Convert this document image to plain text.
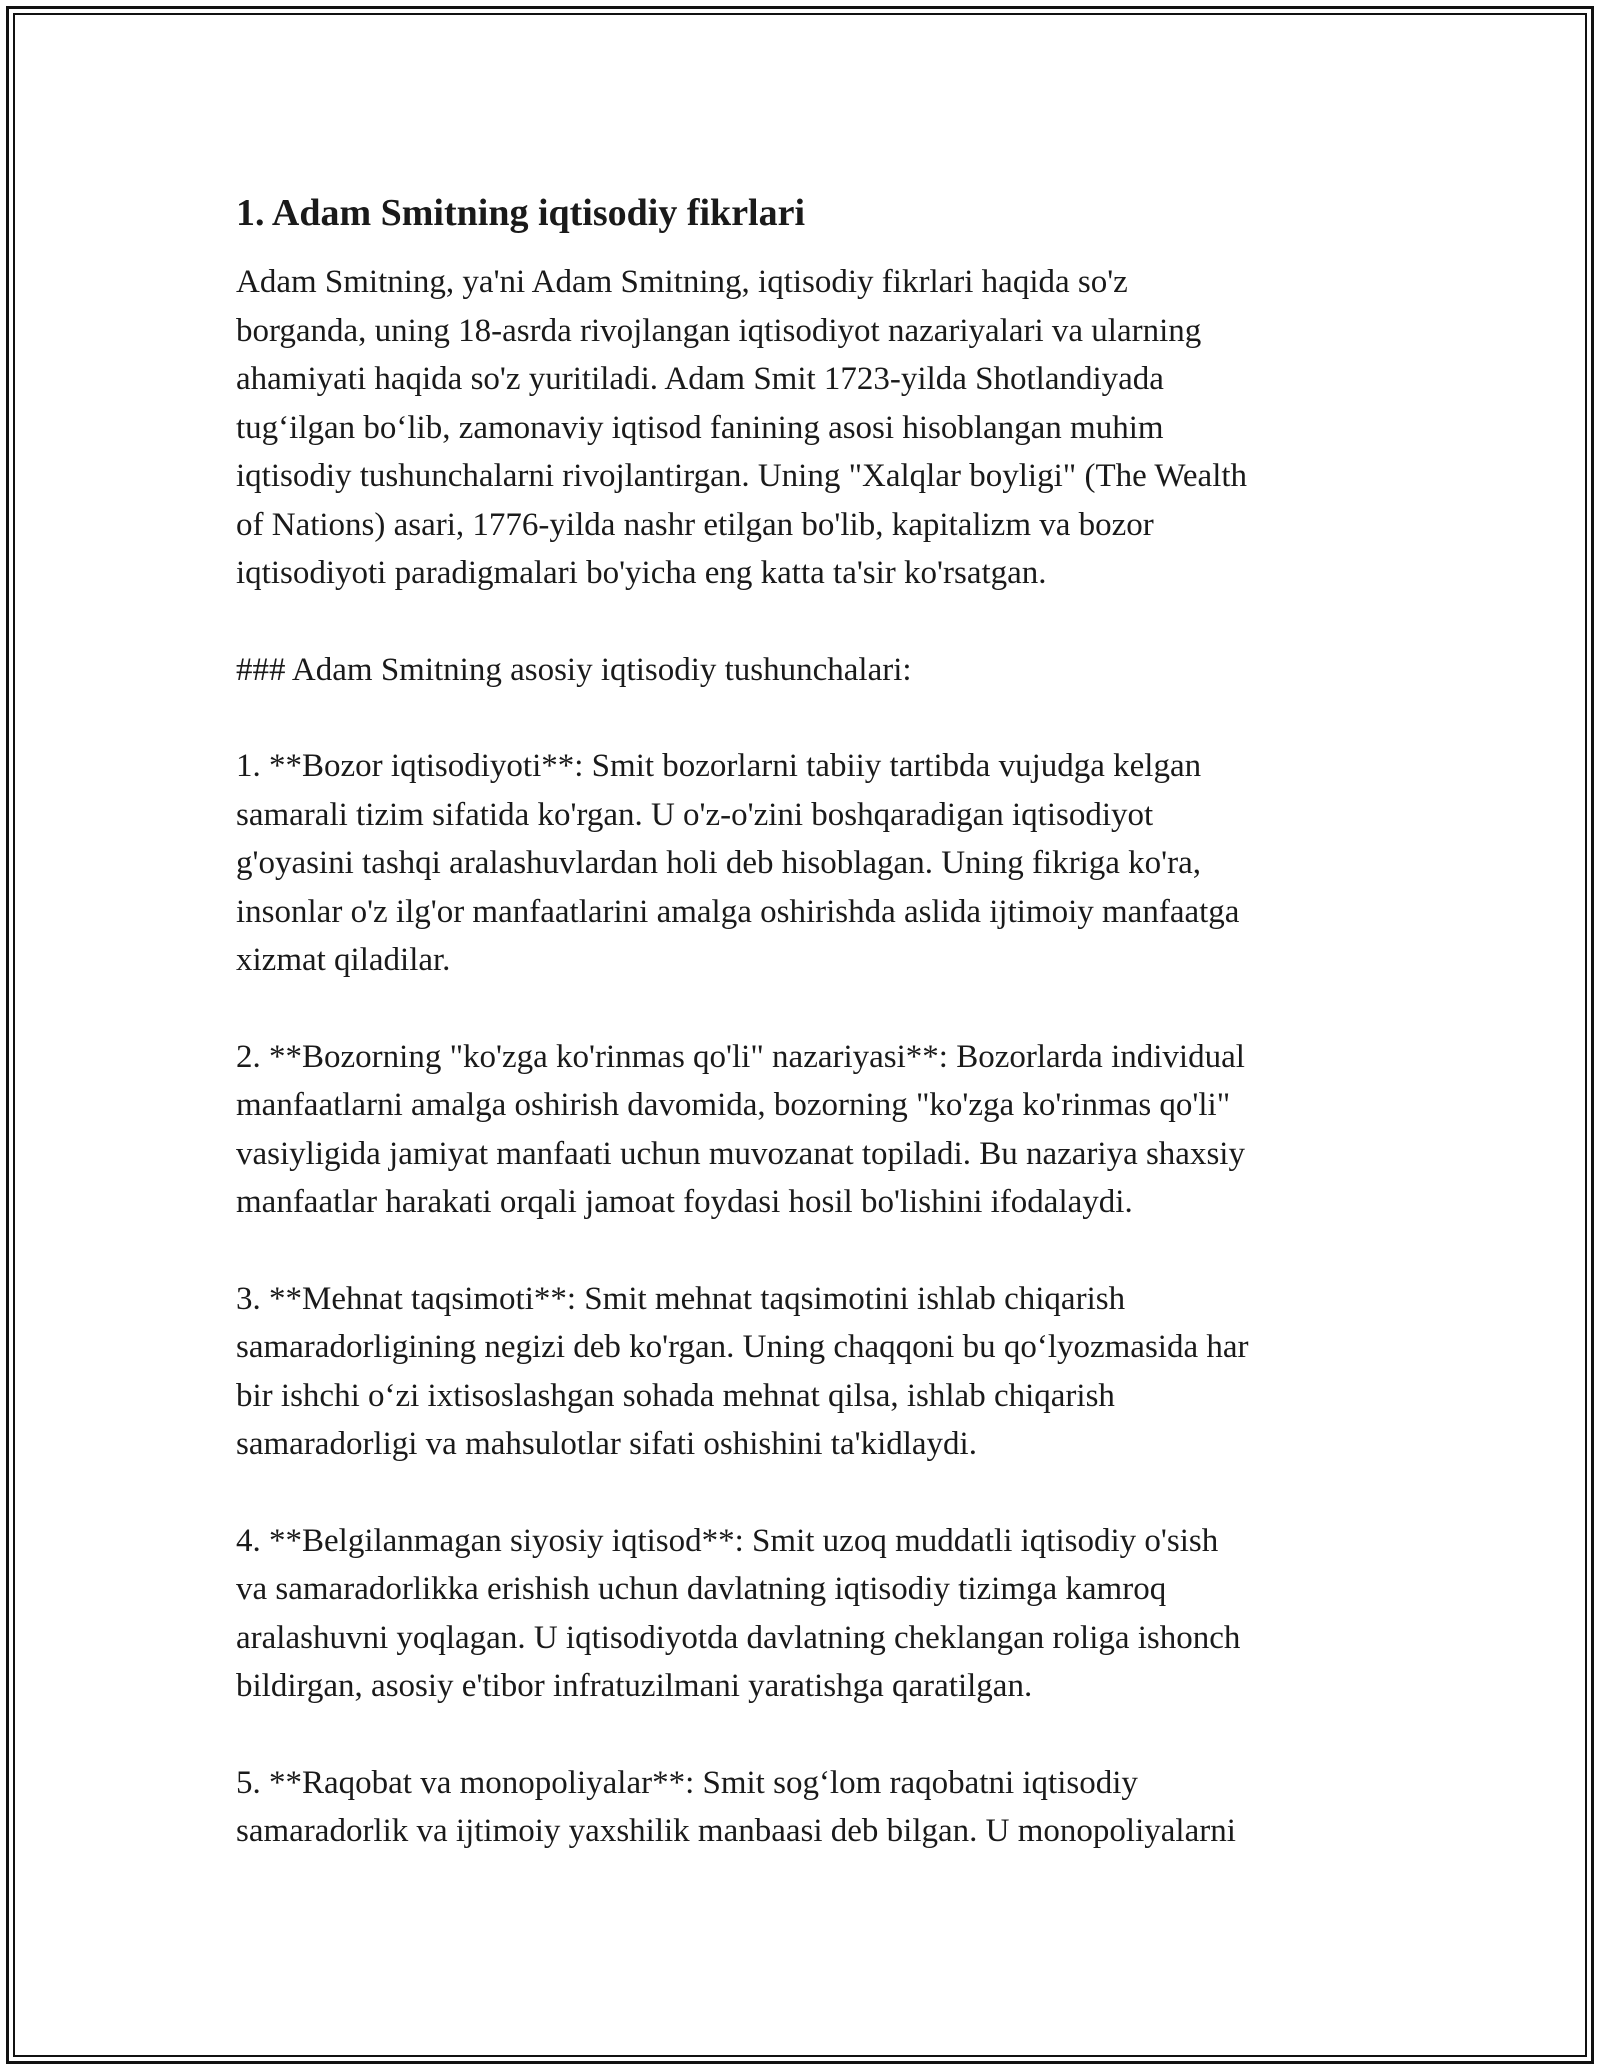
1. Adam Smitning iqtisodiy fikrlari

Adam Smitning, ya'ni Adam Smitning, iqtisodiy fikrlari haqida so'z
borganda, uning 18-asrda rivojlangan iqtisodiyot nazariyalari va ularning
ahamiyati haqida so'z yuritiladi. Adam Smit 1723-yilda Shotlandiyada
tug‘ilgan bo‘lib, zamonaviy iqtisod fanining asosi hisoblangan muhim
iqtisodiy tushunchalarni rivojlantirgan. Uning "Xalqlar boyligi" (The Wealth
of Nations) asari, 1776-yilda nashr etilgan bo'lib, kapitalizm va bozor
iqtisodiyoti paradigmalari bo'yicha eng katta ta'sir ko'rsatgan.

### Adam Smitning asosiy iqtisodiy tushunchalari:

1. **Bozor iqtisodiyoti**: Smit bozorlarni tabiiy tartibda vujudga kelgan
samarali tizim sifatida ko'rgan. U o'z-o'zini boshqaradigan iqtisodiyot
g'oyasini tashqi aralashuvlardan holi deb hisoblagan. Uning fikriga ko'ra,
insonlar o'z ilg'or manfaatlarini amalga oshirishda aslida ijtimoiy manfaatga
xizmat qiladilar.

2. **Bozorning "ko'zga ko'rinmas qo'li" nazariyasi**: Bozorlarda individual
manfaatlarni amalga oshirish davomida, bozorning "ko'zga ko'rinmas qo'li"
vasiyligida jamiyat manfaati uchun muvozanat topiladi. Bu nazariya shaxsiy
manfaatlar harakati orqali jamoat foydasi hosil bo'lishini ifodalaydi.

3. **Mehnat taqsimoti**: Smit mehnat taqsimotini ishlab chiqarish
samaradorligining negizi deb ko'rgan. Uning chaqqoni bu qo‘lyozmasida har
bir ishchi o‘zi ixtisoslashgan sohada mehnat qilsa, ishlab chiqarish
samaradorligi va mahsulotlar sifati oshishini ta'kidlaydi.

4. **Belgilanmagan siyosiy iqtisod**: Smit uzoq muddatli iqtisodiy o'sish
va samaradorlikka erishish uchun davlatning iqtisodiy tizimga kamroq
aralashuvni yoqlagan. U iqtisodiyotda davlatning cheklangan roliga ishonch
bildirgan, asosiy e'tibor infratuzilmani yaratishga qaratilgan.

5. **Raqobat va monopoliyalar**: Smit sog‘lom raqobatni iqtisodiy
samaradorlik va ijtimoiy yaxshilik manbaasi deb bilgan. U monopoliyalarni
